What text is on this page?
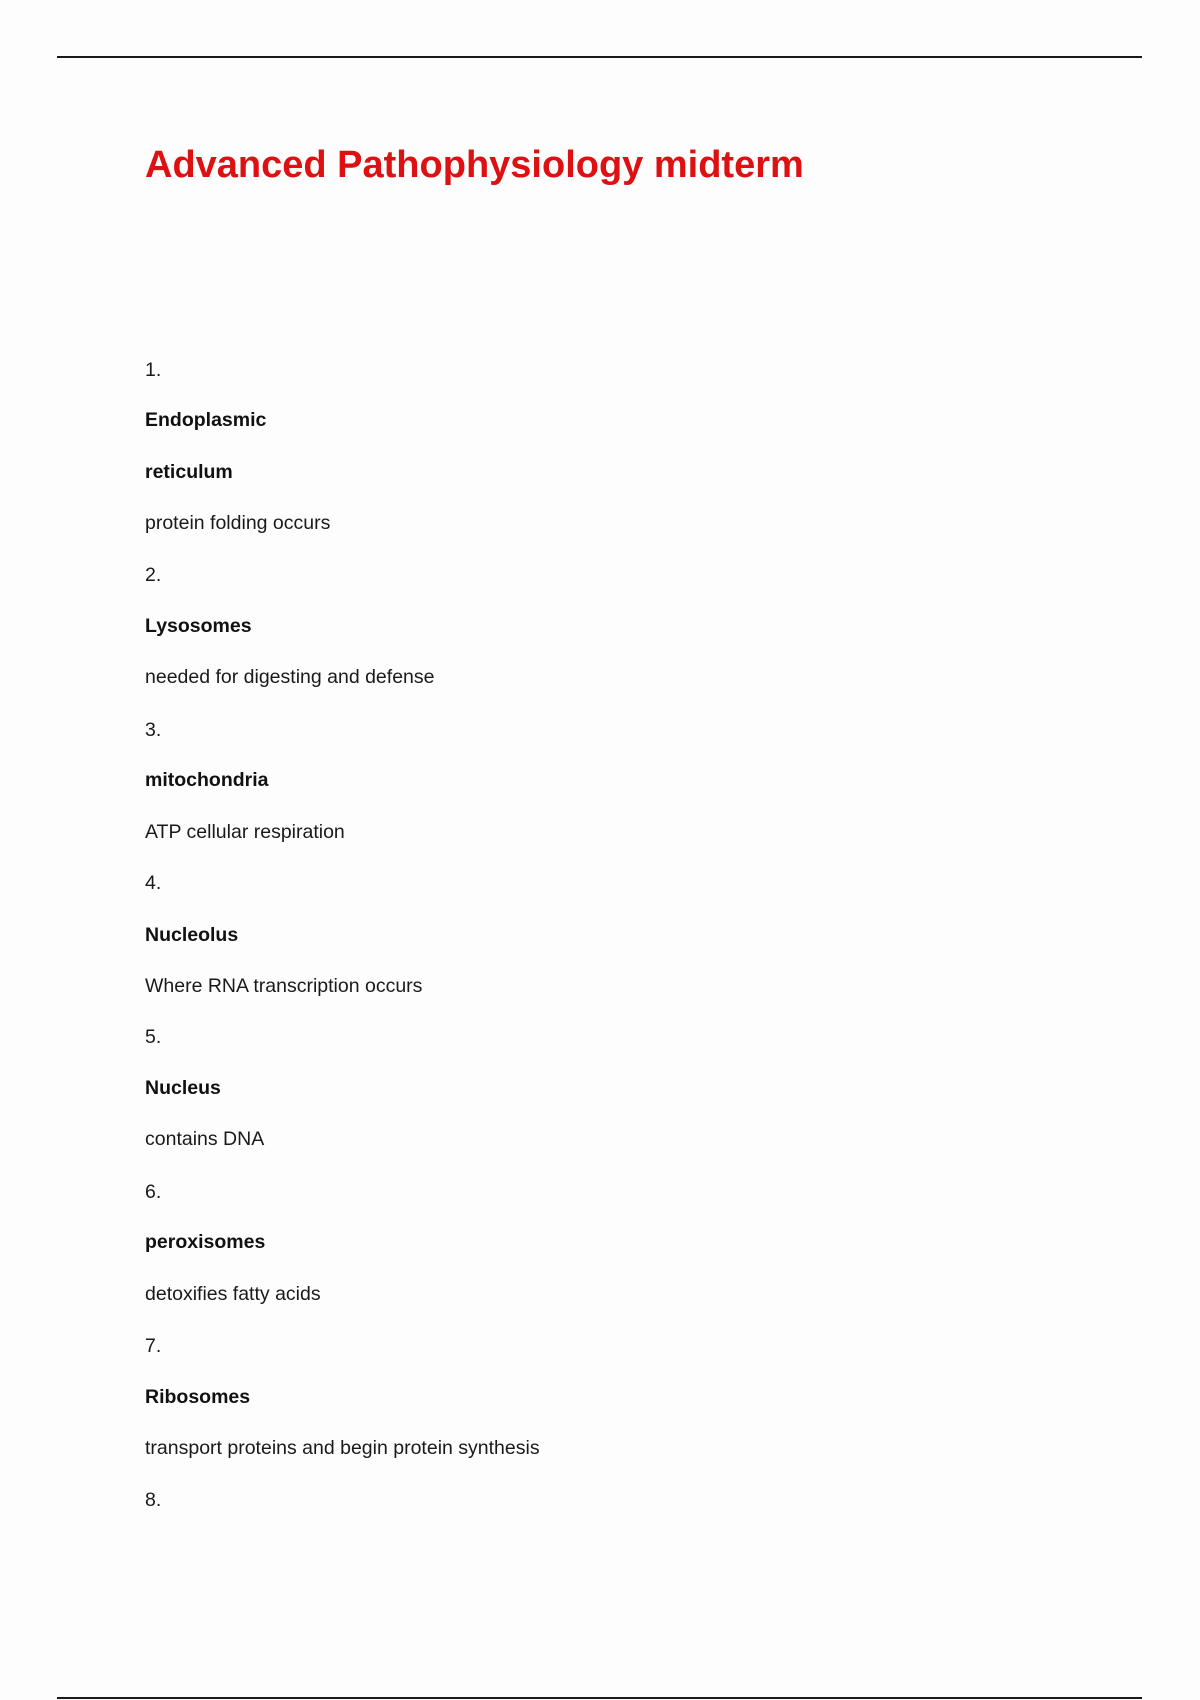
Advanced Pathophysiology midterm
1.
Endoplasmic
reticulum
protein folding occurs
2.
Lysosomes
needed for digesting and defense
3.
mitochondria
ATP cellular respiration
4.
Nucleolus
Where RNA transcription occurs
5.
Nucleus
contains DNA
6.
peroxisomes
detoxifies fatty acids
7.
Ribosomes
transport proteins and begin protein synthesis
8.
